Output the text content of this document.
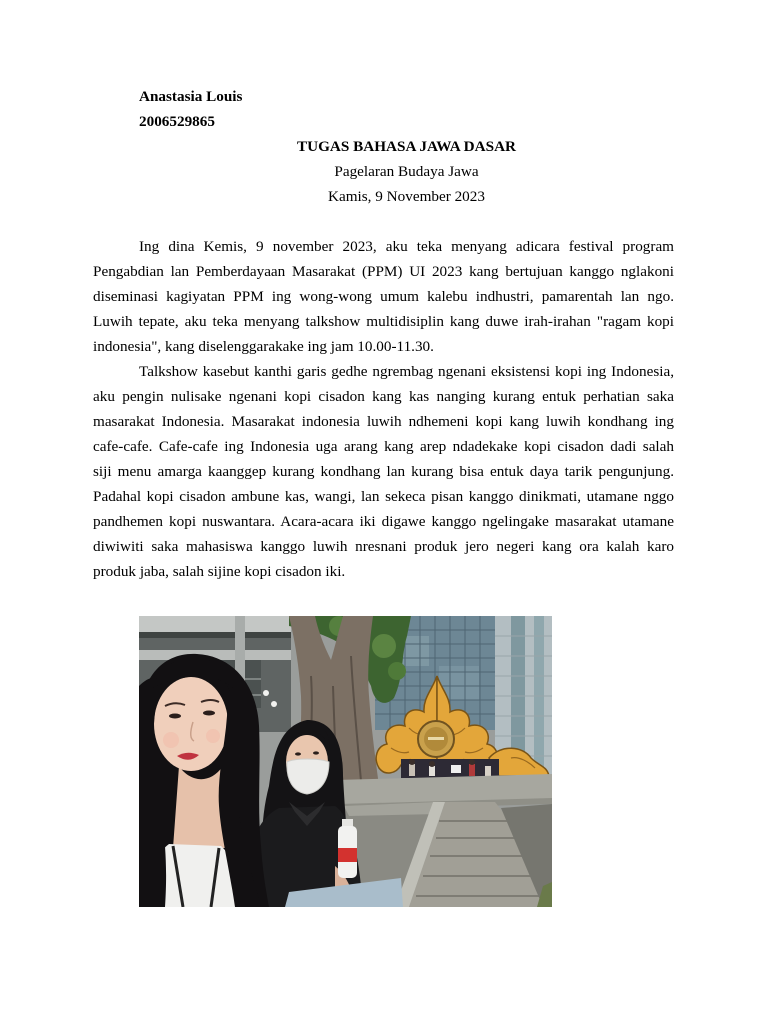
Anastasia Louis
2006529865
TUGAS BAHASA JAWA DASAR
Pagelaran Budaya Jawa
Kamis, 9 November 2023
Ing dina Kemis, 9 november 2023, aku teka menyang adicara festival program
Pengabdian lan Pemberdayaan Masarakat (PPM) UI 2023 kang bertujuan kanggo nglakoni
diseminasi kagiyatan PPM ing wong-wong umum kalebu indhustri, pamarentah lan ngo.
Luwih tepate, aku teka menyang talkshow multidisiplin kang duwe irah-irahan "ragam kopi
indonesia", kang diselenggarakake ing jam 10.00-11.30.
Talkshow kasebut kanthi garis gedhe ngrembag ngenani eksistensi kopi ing Indonesia,
aku pengin nulisake ngenani kopi cisadon kang kas nanging kurang entuk perhatian saka
masarakat Indonesia. Masarakat indonesia luwih ndhemeni kopi kang luwih kondhang ing
cafe-cafe. Cafe-cafe ing Indonesia uga arang kang arep ndadekake kopi cisadon dadi salah
siji menu amarga kaanggep kurang kondhang lan kurang bisa entuk daya tarik pengunjung.
Padahal kopi cisadon ambune kas, wangi, lan sekeca pisan kanggo dinikmati, utamane nggo
pandhemen kopi nuswantara. Acara-acara iki digawe kanggo ngelingake masarakat utamane
diwiwiti saka mahasiswa kanggo luwih nresnani produk jero negeri kang ora kalah karo
produk jaba, salah sijine kopi cisadon iki.
